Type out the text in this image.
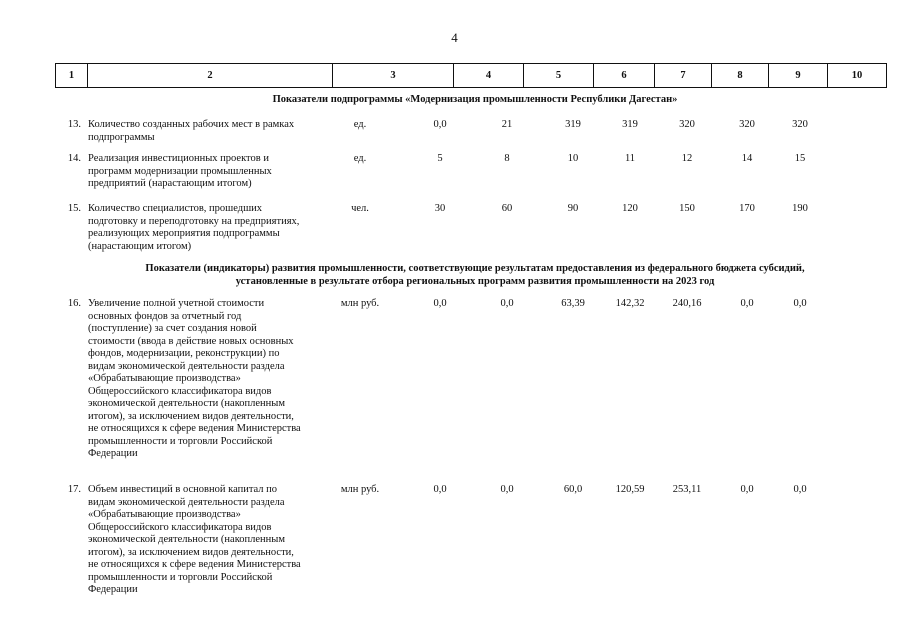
4
1	2	3	4	5	6	7	8	9	10
Показатели подпрограммы «Модернизация промышленности Республики Дагестан»
13. Количество созданных рабочих мест в рамках подпрограммы
ед.	0,0	21	319	319	320	320	320
14. Реализация инвестиционных проектов и программ модернизации промышленных предприятий (нарастающим итогом)
ед.	5	8	10	11	12	14	15
15. Количество специалистов, прошедших подготовку и переподготовку на предприятиях, реализующих мероприятия подпрограммы (нарастающим итогом)
чел.	30	60	90	120	150	170	190
Показатели (индикаторы) развития промышленности, соответствующие результатам предоставления из федерального бюджета субсидий,
установленные в результате отбора региональных программ развития промышленности на 2023 год
16. Увеличение полной учетной стоимости основных фондов за отчетный год (поступление) за счет создания новой стоимости (ввода в действие новых основных фондов, модернизации, реконструкции) по видам экономической деятельности раздела «Обрабатывающие производства» Общероссийского классификатора видов экономической деятельности (накопленным итогом), за исключением видов деятельности, не относящихся к сфере ведения Министерства промышленности и торговли Российской Федерации
млн руб.	0,0	0,0	63,39	142,32	240,16	0,0	0,0
17. Объем инвестиций в основной капитал по видам экономической деятельности раздела «Обрабатывающие производства» Общероссийского классификатора видов экономической деятельности (накопленным итогом), за исключением видов деятельности, не относящихся к сфере ведения Министерства промышленности и торговли Российской Федерации
млн руб.	0,0	0,0	60,0	120,59	253,11	0,0	0,0
